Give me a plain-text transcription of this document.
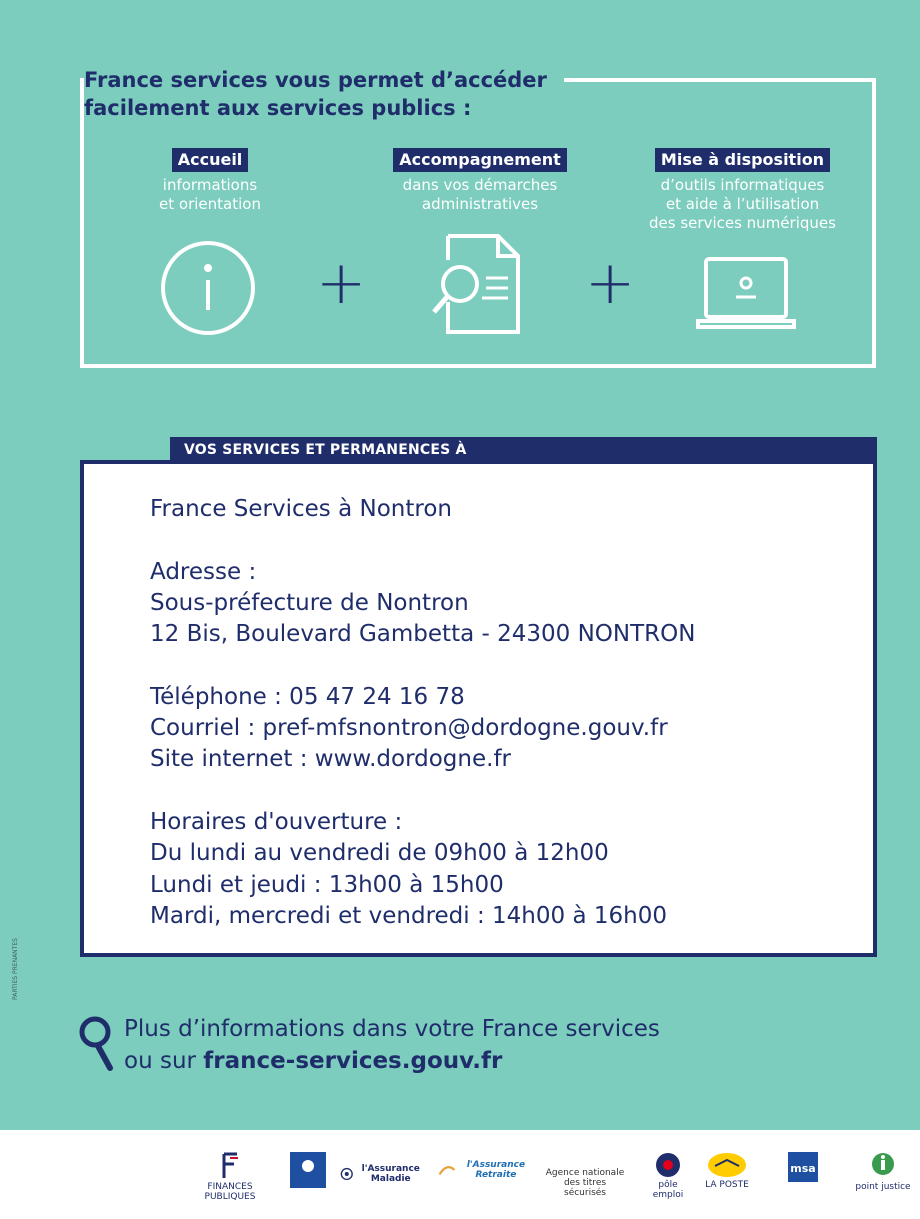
France services vous permet d’accéder
facilement aux services publics :
Accueil
informations
et orientation
Accompagnement
dans vos démarches
administratives
Mise à disposition
d’outils informatiques
et aide à l’utilisation
des services numériques
+	+
VOS SERVICES ET PERMANENCES À
France Services à Nontron
Adresse :
Sous-préfecture de Nontron
12 Bis, Boulevard Gambetta - 24300 NONTRON
Téléphone : 05 47 24 16 78
Courriel : pref-mfsnontron@dordogne.gouv.fr
Site internet : www.dordogne.fr
Horaires d'ouverture :
Du lundi au vendredi de 09h00 à 12h00
Lundi et jeudi : 13h00 à 15h00
Mardi, mercredi et vendredi : 14h00 à 16h00
PARTIES PRENANTES
Plus d’informations dans votre France services
ou sur france-services.gouv.fr
FINANCES PUBLIQUES
l'Assurance Maladie
l'Assurance Retraite	Agence nationale des titres sécurisés
pôle emploi
LA POSTE
msa
point justice
